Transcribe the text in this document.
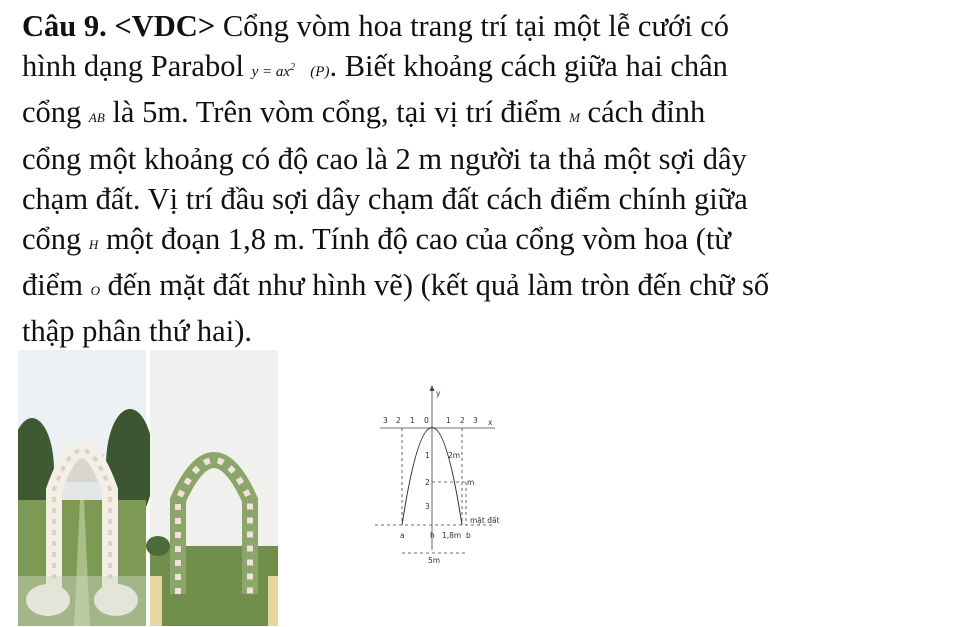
Câu 9. <VDC> Cổng vòm hoa trang trí tại một lễ cưới có
hình dạng Parabol $y = ax^2$ (P). Biết khoảng cách giữa hai chân
cổng AB là 5m. Trên vòm cổng, tại vị trí điểm M cách đỉnh
cổng một khoảng có độ cao là 2 m người ta thả một sợi dây
chạm đất. Vị trí đầu sợi dây chạm đất cách điểm chính giữa
cổng H một đoạn 1,8 m. Tính độ cao của cổng vòm hoa (từ
điểm O đến mặt đất như hình vẽ) (kết quả làm tròn đến chữ số
thập phân thứ hai).
y
x
3 2 1 0 1 2 3
1
2
3
2m
m
mặt đất
a	h 1,8m b
5m
